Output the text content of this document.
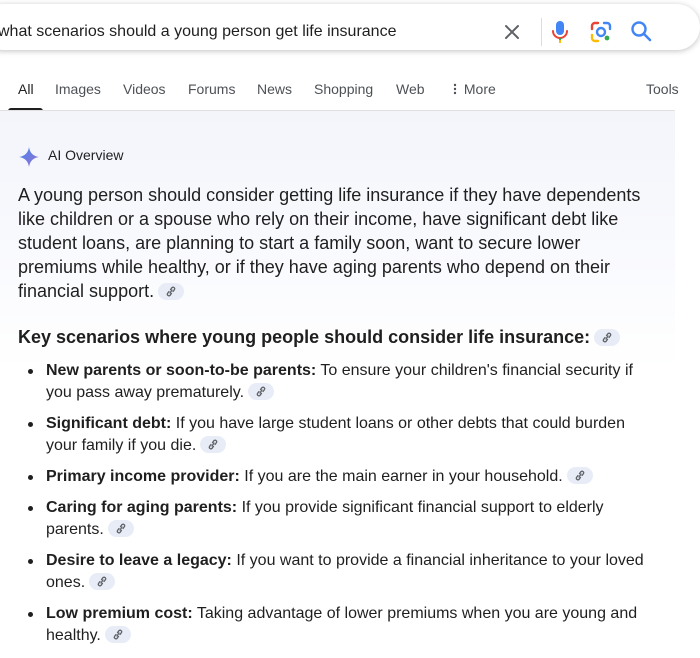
what scenarios should a young person get life insurance
All Images Videos Forums News Shopping Web	More	Tools
AI Overview

A young person should consider getting life insurance if they have dependents like children or a spouse who rely on their income, have significant debt like student loans, are planning to start a family soon, want to secure lower premiums while healthy, or if they have aging parents who depend on their financial support.

Key scenarios where young people should consider life insurance:

New parents or soon-to-be parents: To ensure your children's financial security if you pass away prematurely.
Significant debt: If you have large student loans or other debts that could burden your family if you die.
Primary income provider: If you are the main earner in your household.
Caring for aging parents: If you provide significant financial support to elderly parents.
Desire to leave a legacy: If you want to provide a financial inheritance to your loved ones.
Low premium cost: Taking advantage of lower premiums when you are young and healthy.
